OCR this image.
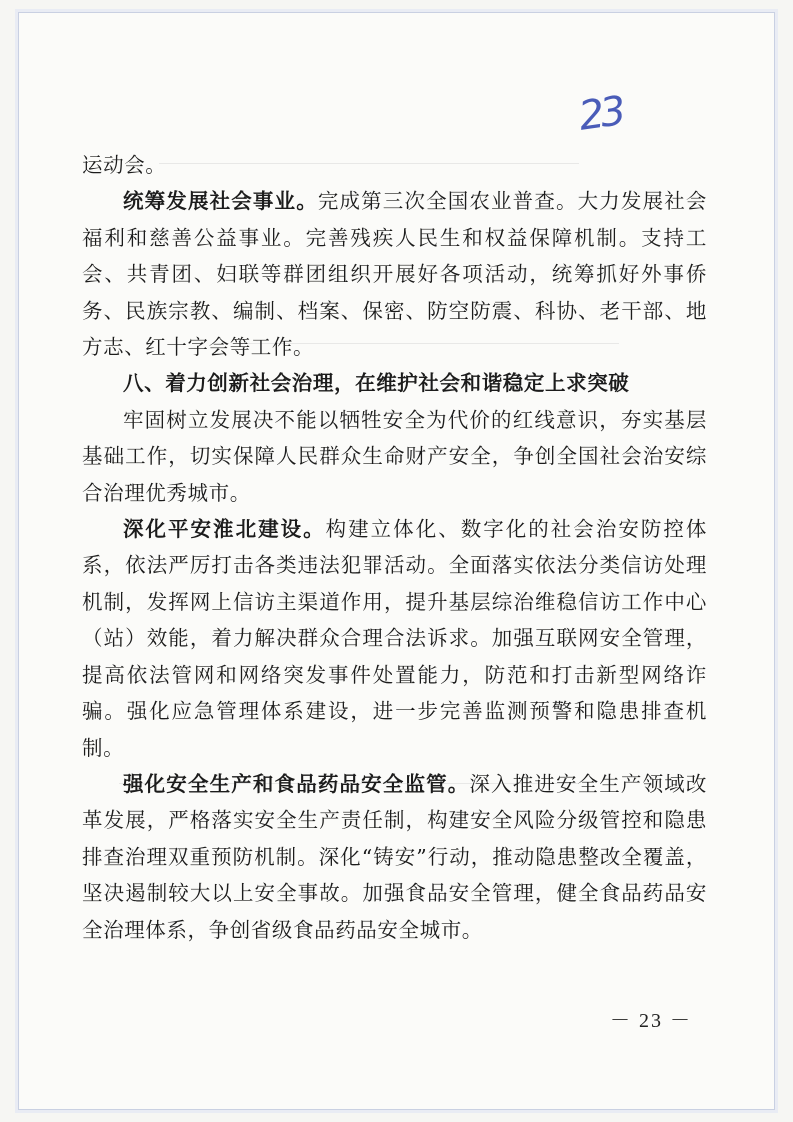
23

运动会。

统筹发展社会事业。完成第三次全国农业普查。大力发展社会福利和慈善公益事业。完善残疾人民生和权益保障机制。支持工会、共青团、妇联等群团组织开展好各项活动，统筹抓好外事侨务、民族宗教、编制、档案、保密、防空防震、科协、老干部、地方志、红十字会等工作。

八、着力创新社会治理，在维护社会和谐稳定上求突破

牢固树立发展决不能以牺牲安全为代价的红线意识，夯实基层基础工作，切实保障人民群众生命财产安全，争创全国社会治安综合治理优秀城市。

深化平安淮北建设。构建立体化、数字化的社会治安防控体系，依法严厉打击各类违法犯罪活动。全面落实依法分类信访处理机制，发挥网上信访主渠道作用，提升基层综治维稳信访工作中心（站）效能，着力解决群众合理合法诉求。加强互联网安全管理，提高依法管网和网络突发事件处置能力，防范和打击新型网络诈骗。强化应急管理体系建设，进一步完善监测预警和隐患排查机制。

强化安全生产和食品药品安全监管。深入推进安全生产领域改革发展，严格落实安全生产责任制，构建安全风险分级管控和隐患排查治理双重预防机制。深化“铸安”行动，推动隐患整改全覆盖，坚决遏制较大以上安全事故。加强食品安全管理，健全食品药品安全治理体系，争创省级食品药品安全城市。

－ 23 －
